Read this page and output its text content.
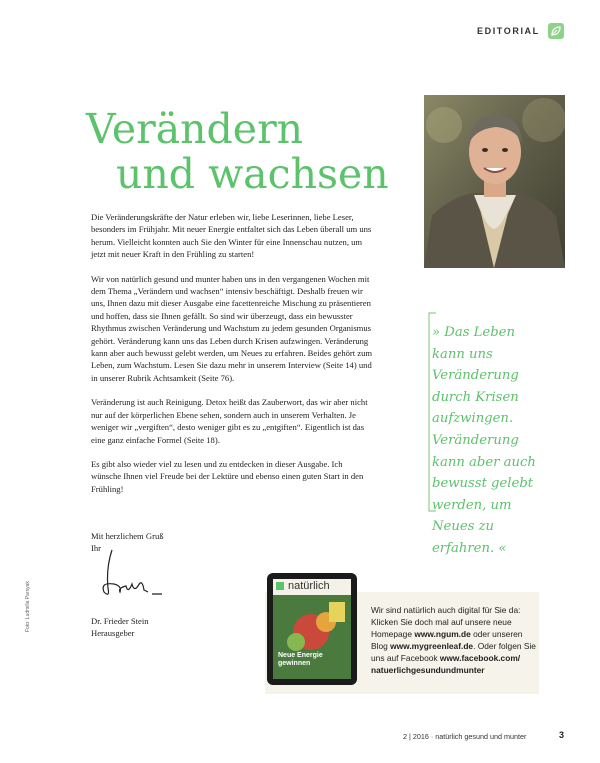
EDITORIAL
Verändern
und wachsen

Die Veränderungskräfte der Natur erleben wir, liebe Leserinnen, liebe Leser, besonders im Frühjahr. Mit neuer Energie entfaltet sich das Leben überall um uns herum. Vielleicht konnten auch Sie den Winter für eine Innenschau nutzen, um jetzt mit neuer Kraft in den Frühling zu starten!

Wir von natürlich gesund und munter haben uns in den vergangenen Wochen mit dem Thema „Verändern und wachsen“ intensiv beschäftigt. Deshalb freuen wir uns, Ihnen dazu mit dieser Ausgabe eine facettenreiche Mischung zu präsentieren und hoffen, dass sie Ihnen gefällt. So sind wir überzeugt, dass ein bewusster Rhythmus zwischen Veränderung und Wachstum zu jedem gesunden Organismus gehört. Veränderung kann uns das Leben durch Krisen aufzwingen. Veränderung kann aber auch bewusst gelebt werden, um Neues zu erfahren. Beides gehört zum Leben, zum Wachstum. Lesen Sie dazu mehr in unserem Interview (Seite 14) und in unserer Rubrik Achtsamkeit (Seite 76).

Veränderung ist auch Reinigung. Detox heißt das Zauberwort, das wir aber nicht nur auf der körperlichen Ebene sehen, sondern auch in unserem Verhalten. Je weniger wir „vergiften“, desto weniger gibt es zu „entgiften“. Eigentlich ist das eine ganz einfache Formel (Seite 18).

Es gibt also wieder viel zu lesen und zu entdecken in dieser Ausgabe. Ich wünsche Ihnen viel Freude bei der Lektüre und ebenso einen guten Start in den Frühling!

» Das Leben kann uns Veränderung durch Krisen aufzwingen. Veränderung kann aber auch bewusst gelebt werden, um Neues zu erfahren. «
Mit herzlichem Gruß
Ihr
Dr. Frieder Stein
Herausgeber
Foto: Ludmilla Parsyak	natürlich
Neue Energie gewinnen
Wir sind natürlich auch digital für Sie da: Klicken Sie doch mal auf unsere neue Homepage www.ngum.de oder unseren Blog www.mygreenleaf.de. Oder folgen Sie uns auf Facebook www.facebook.com/ natuerlichgesundundmunter
2 | 2016 · natürlich gesund und munter	3
